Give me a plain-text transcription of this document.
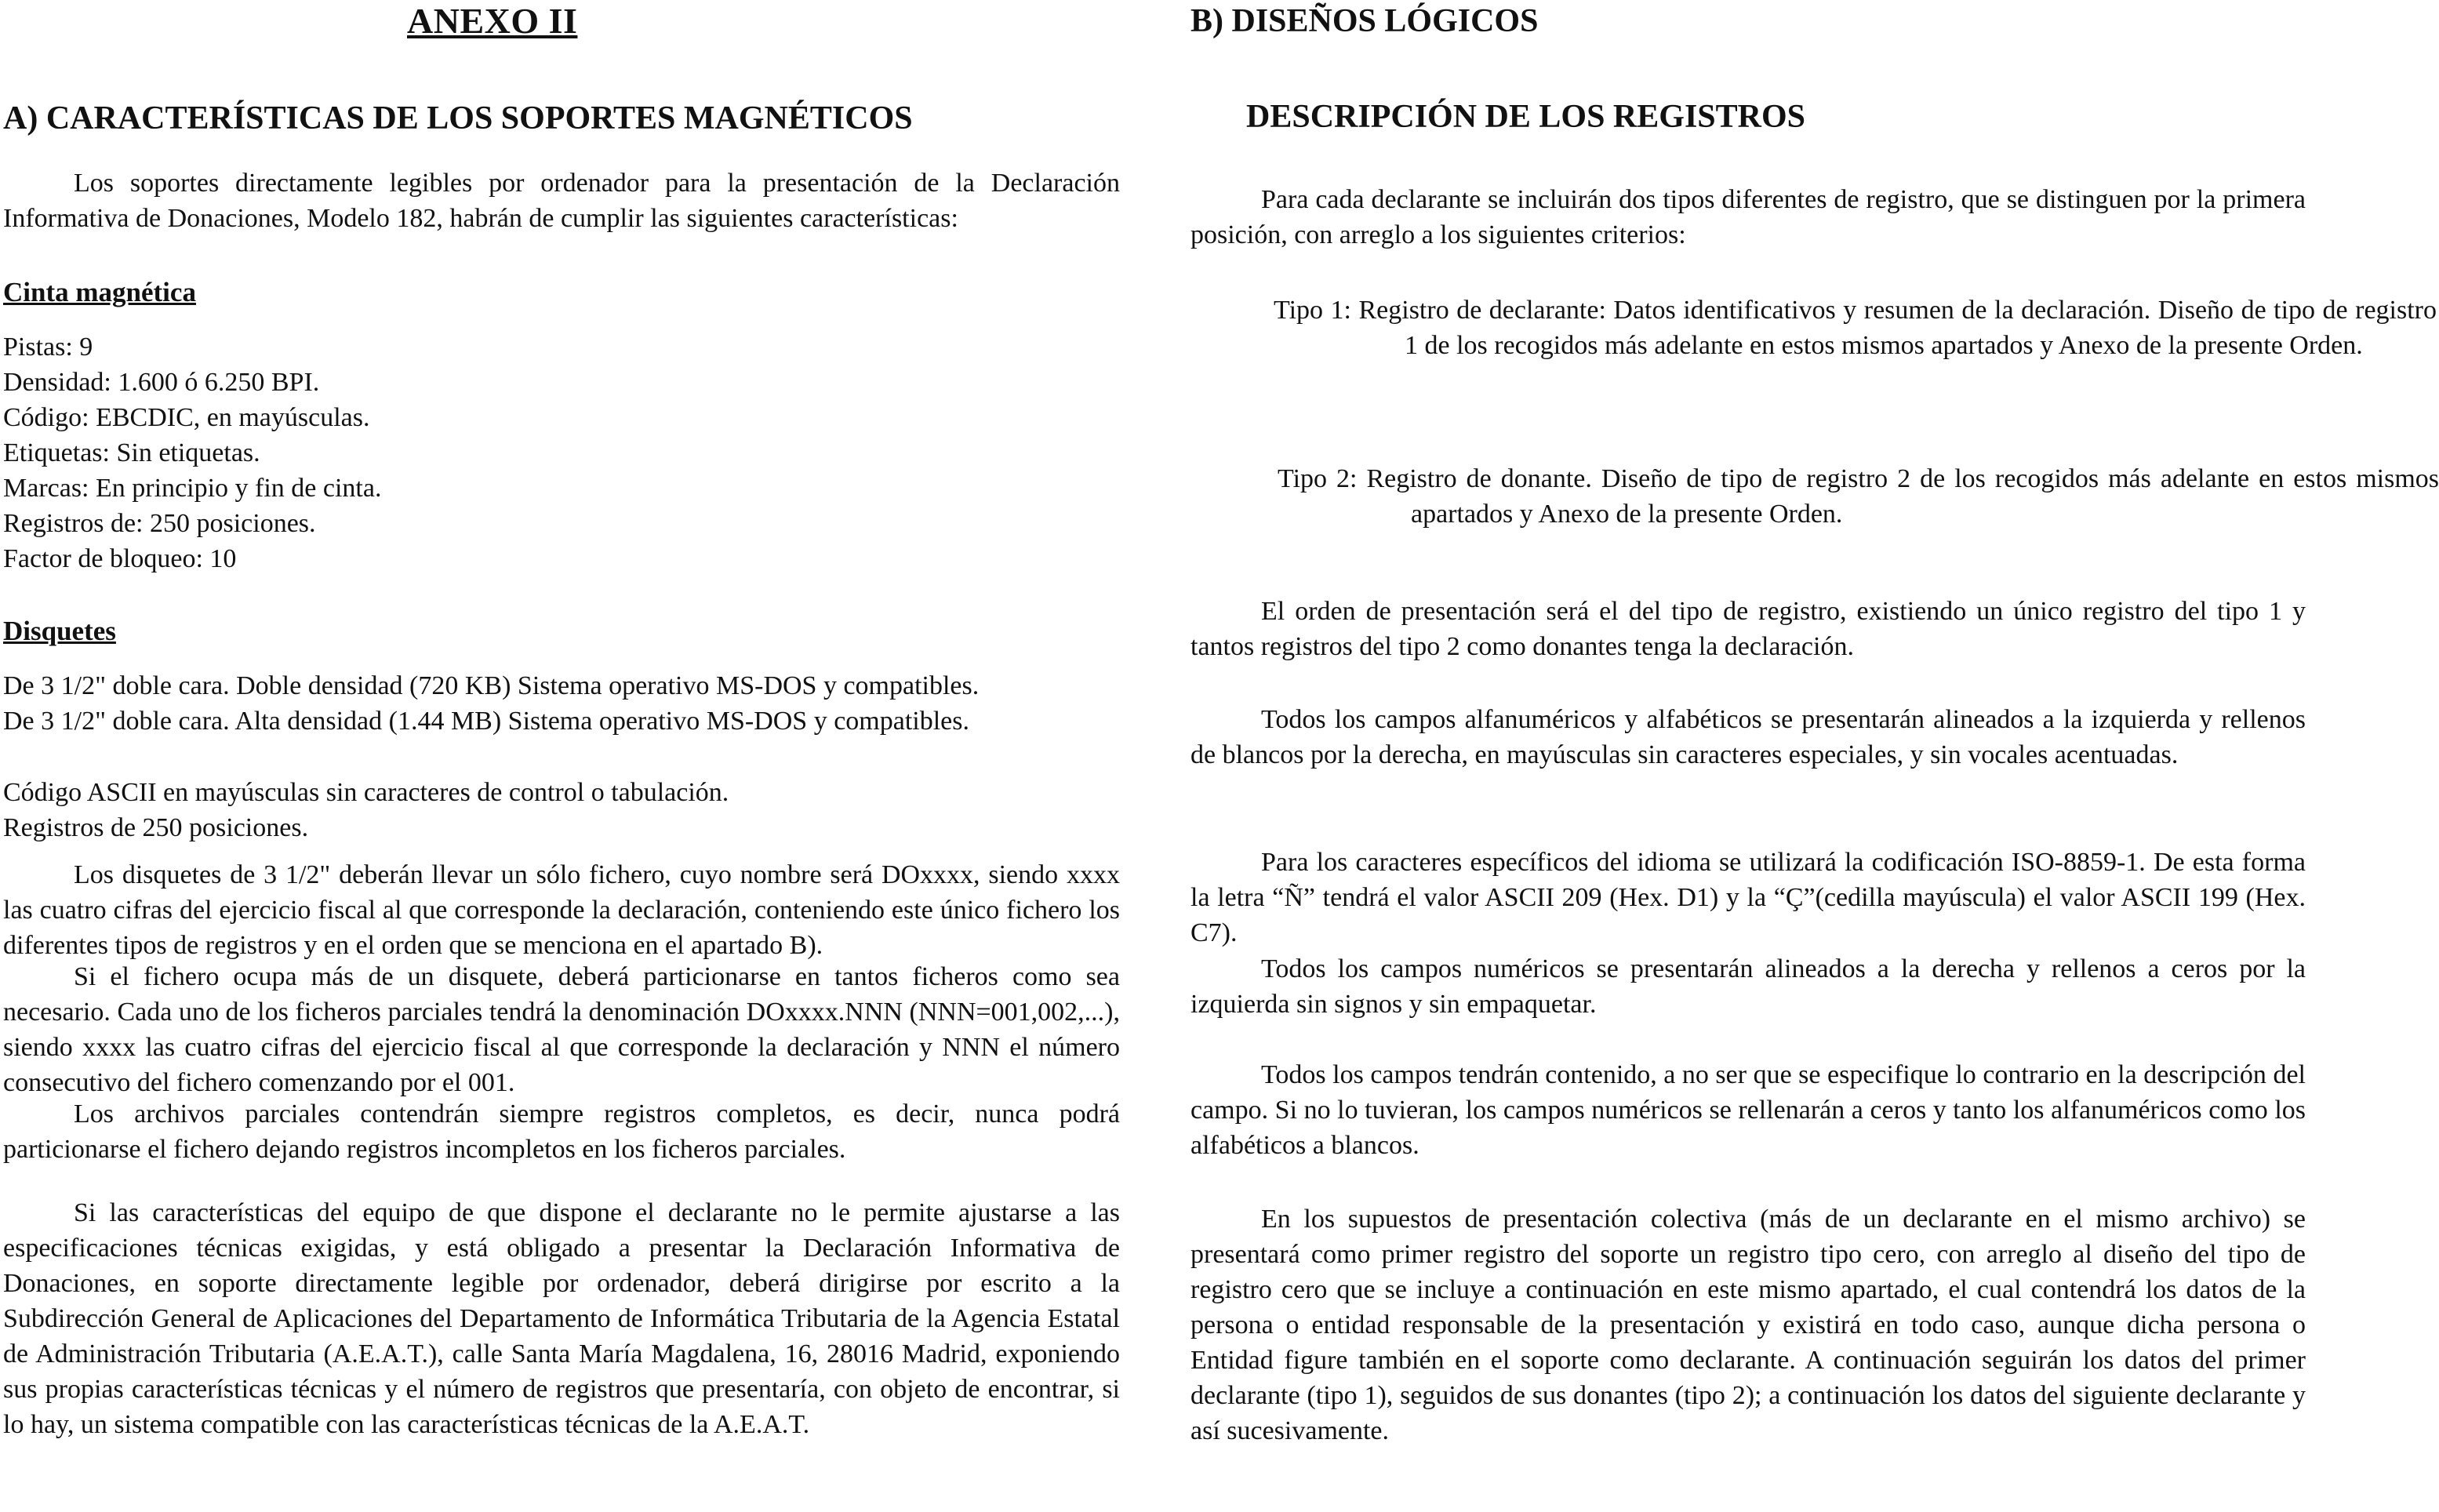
ANEXO II
A) CARACTERÍSTICAS DE LOS SOPORTES MAGNÉTICOS

Los soportes directamente legibles por ordenador para la presentación de la Declaración Informativa de Donaciones, Modelo 182, habrán de cumplir las siguientes características:

Cinta magnética
Pistas: 9
Densidad: 1.600 ó 6.250 BPI.
Código: EBCDIC, en mayúsculas.
Etiquetas: Sin etiquetas.
Marcas: En principio y fin de cinta.
Registros de: 250 posiciones.
Factor de bloqueo: 10
Disquetes
De 3 1/2" doble cara. Doble densidad (720 KB) Sistema operativo MS-DOS y compatibles.
De 3 1/2" doble cara. Alta densidad (1.44 MB) Sistema operativo MS-DOS y compatibles.

Código ASCII en mayúsculas sin caracteres de control o tabulación.

Registros de 250 posiciones.

Los disquetes de 3 1/2" deberán llevar un sólo fichero, cuyo nombre será DOxxxx, siendo xxxx las cuatro cifras del ejercicio fiscal al que corresponde la declaración, conteniendo este único fichero los diferentes tipos de registros y en el orden que se menciona en el apartado B).

Si el fichero ocupa más de un disquete, deberá particionarse en tantos ficheros como sea necesario. Cada uno de los ficheros parciales tendrá la denominación DOxxxx.NNN (NNN=001,002,...), siendo xxxx las cuatro cifras del ejercicio fiscal al que corresponde la declaración y NNN el número consecutivo del fichero comenzando por el 001.

Los archivos parciales contendrán siempre registros completos, es decir, nunca podrá particionarse el fichero dejando registros incompletos en los ficheros parciales.

Si las características del equipo de que dispone el declarante no le permite ajustarse a las especificaciones técnicas exigidas, y está obligado a presentar la Declaración Informativa de Donaciones, en soporte directamente legible por ordenador, deberá dirigirse por escrito a la Subdirección General de Aplicaciones del Departamento de Informática Tributaria de la Agencia Estatal de Administración Tributaria (A.E.A.T.), calle Santa María Magdalena, 16, 28016 Madrid, exponiendo sus propias características técnicas y el número de registros que presentaría, con objeto de encontrar, si lo hay, un sistema compatible con las características técnicas de la A.E.A.T.

B) DISEÑOS LÓGICOS
DESCRIPCIÓN DE LOS REGISTROS

Para cada declarante se incluirán dos tipos diferentes de registro, que se distinguen por la primera posición, con arreglo a los siguientes criterios:

Tipo 1: Registro de declarante: Datos identificativos y resumen de la declaración. Diseño de tipo de registro 1 de los recogidos más adelante en estos mismos apartados y Anexo de la presente Orden.

Tipo 2: Registro de donante. Diseño de tipo de registro 2 de los recogidos más adelante en estos mismos apartados y Anexo de la presente Orden.

El orden de presentación será el del tipo de registro, existiendo un único registro del tipo 1 y tantos registros del tipo 2 como donantes tenga la declaración.

Todos los campos alfanuméricos y alfabéticos se presentarán alineados a la izquierda y rellenos de blancos por la derecha, en mayúsculas sin caracteres especiales, y sin vocales acentuadas.

Para los caracteres específicos del idioma se utilizará la codificación ISO-8859-1. De esta forma la letra “Ñ” tendrá el valor ASCII 209 (Hex. D1) y la “Ç”(cedilla mayúscula) el valor ASCII 199 (Hex. C7).

Todos los campos numéricos se presentarán alineados a la derecha y rellenos a ceros por la izquierda sin signos y sin empaquetar.

Todos los campos tendrán contenido, a no ser que se especifique lo contrario en la descripción del campo. Si no lo tuvieran, los campos numéricos se rellenarán a ceros y tanto los alfanuméricos como los alfabéticos a blancos.

En los supuestos de presentación colectiva (más de un declarante en el mismo archivo) se presentará como primer registro del soporte un registro tipo cero, con arreglo al diseño del tipo de registro cero que se incluye a continuación en este mismo apartado, el cual contendrá los datos de la persona o entidad responsable de la presentación y existirá en todo caso, aunque dicha persona o Entidad figure también en el soporte como declarante. A continuación seguirán los datos del primer declarante (tipo 1), seguidos de sus donantes (tipo 2); a continuación los datos del siguiente declarante y así sucesivamente.
